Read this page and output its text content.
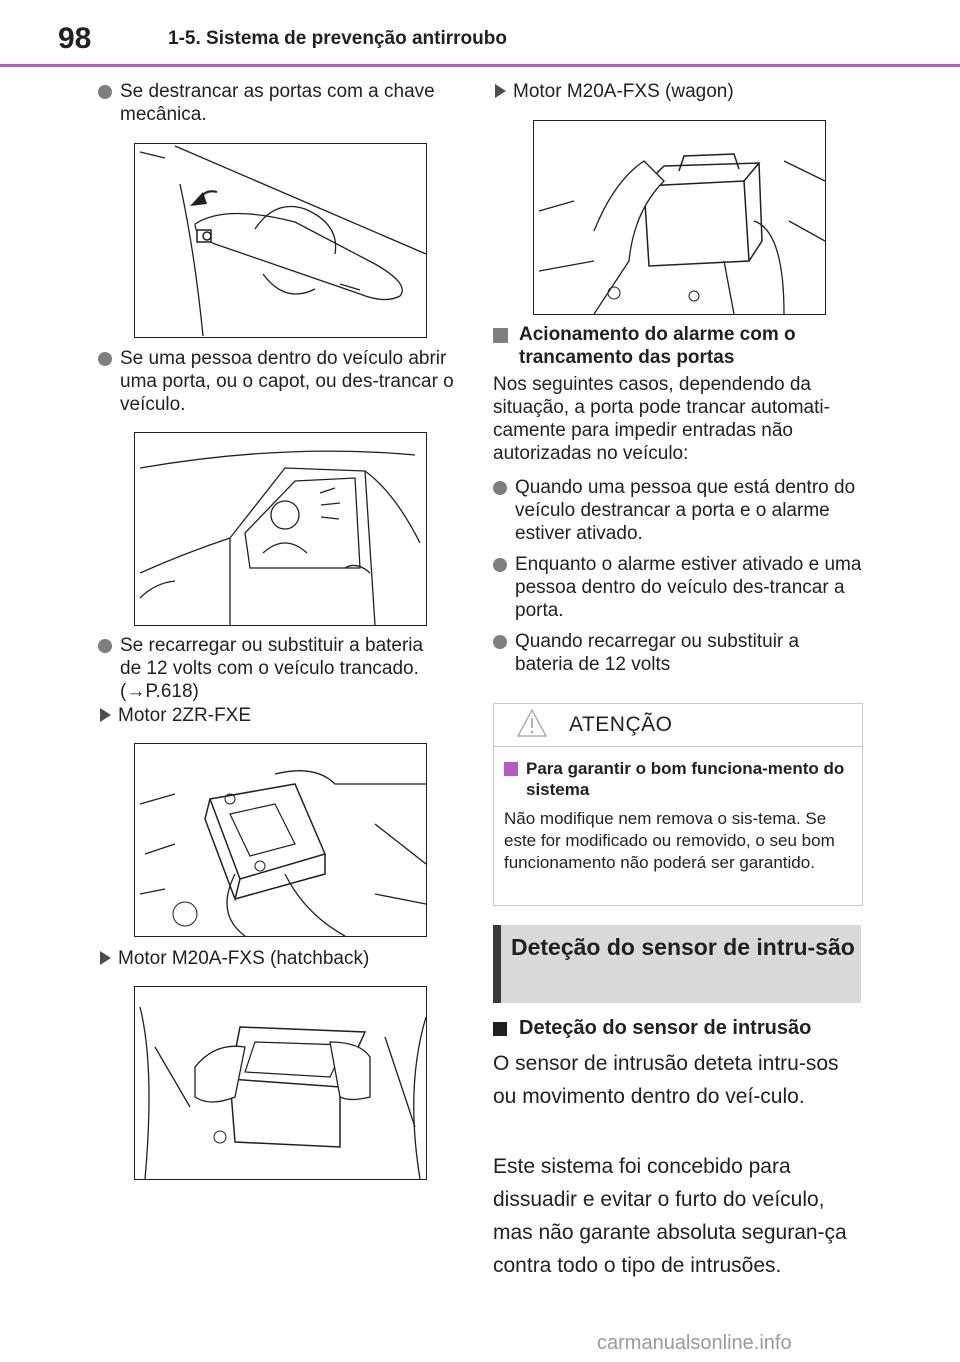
98	1-5. Sistema de prevenção antirroubo
Se destrancar as portas com a chave mecânica.
Se uma pessoa dentro do veículo abrir uma porta, ou o capot, ou des-trancar o veículo.
Se recarregar ou substituir a bateria
de 12 volts com o veículo trancado.
(→P.618)
Motor 2ZR-FXE
Motor M20A-FXS (hatchback)
Motor M20A-FXS (wagon)
Acionamento do alarme com o trancamento das portas
Nos seguintes casos, dependendo da situação, a porta pode trancar automati-camente para impedir entradas não autorizadas no veículo:
Quando uma pessoa que está dentro do veículo destrancar a porta e o alarme estiver ativado.
Enquanto o alarme estiver ativado e uma pessoa dentro do veículo des-trancar a porta.
Quando recarregar ou substituir a bateria de 12 volts
ATENÇÃO
Para garantir o bom funciona-mento do sistema
Não modifique nem remova o sis-tema. Se este for modificado ou removido, o seu bom funcionamento não poderá ser garantido.
Deteção do sensor de intru-são
Deteção do sensor de intrusão
O sensor de intrusão deteta intru-sos ou movimento dentro do veí-culo.
Este sistema foi concebido para dissuadir e evitar o furto do veículo, mas não garante absoluta seguran-ça contra todo o tipo de intrusões.
carmanualsonline.info
